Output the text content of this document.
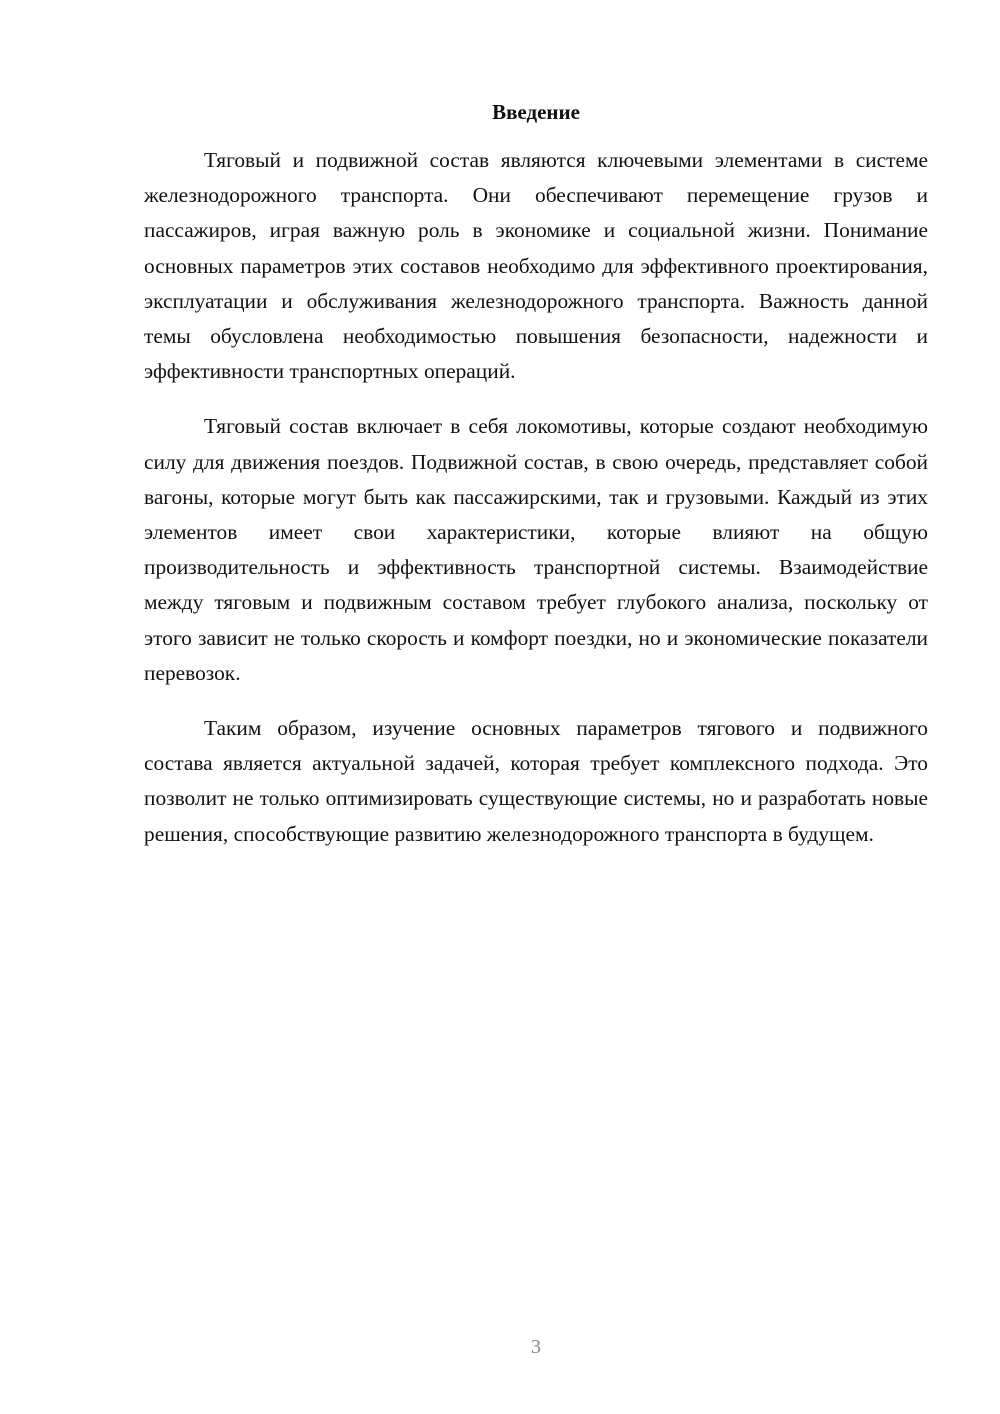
Введение

Тяговый и подвижной состав являются ключевыми элементами в системе железнодорожного транспорта. Они обеспечивают перемещение грузов и пассажиров, играя важную роль в экономике и социальной жизни. Понимание основных параметров этих составов необходимо для эффективного проектирования, эксплуатации и обслуживания железнодорожного транспорта. Важность данной темы обусловлена необходимостью повышения безопасности, надежности и эффективности транспортных операций.

Тяговый состав включает в себя локомотивы, которые создают необходимую силу для движения поездов. Подвижной состав, в свою очередь, представляет собой вагоны, которые могут быть как пассажирскими, так и грузовыми. Каждый из этих элементов имеет свои характеристики, которые влияют на общую производительность и эффективность транспортной системы. Взаимодействие между тяговым и подвижным составом требует глубокого анализа, поскольку от этого зависит не только скорость и комфорт поездки, но и экономические показатели перевозок.

Таким образом, изучение основных параметров тягового и подвижного состава является актуальной задачей, которая требует комплексного подхода. Это позволит не только оптимизировать существующие системы, но и разработать новые решения, способствующие развитию железнодорожного транспорта в будущем.

3
